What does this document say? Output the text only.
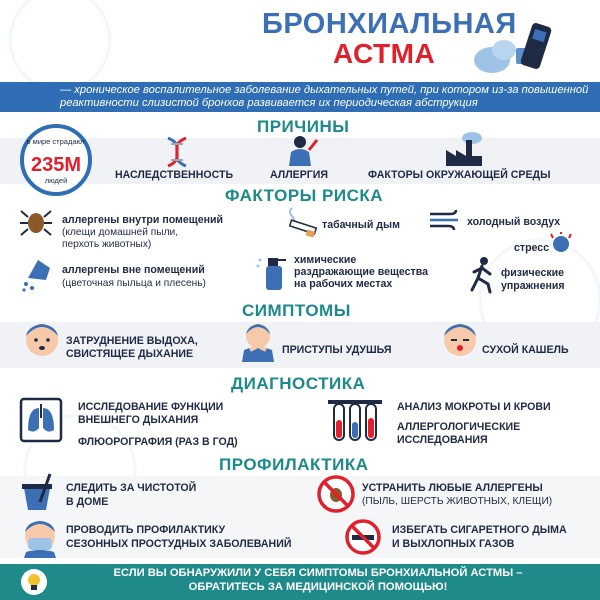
БРОНХИАЛЬНАЯ
АСТМА
— хроническое воспалительное заболевание дыхательных путей, при котором из-за повышенной реактивности слизистой бронхов развивается их периодическая абструкция
ПРИЧИНЫ
в мире страдают
235М
людей	НАСЛЕДСТВЕННОСТЬ	АЛЛЕРГИЯ	ФАКТОРЫ ОКРУЖАЮЩЕЙ СРЕДЫ
ФАКТОРЫ РИСКА
аллергены внутри помещений
(клещи домашней пыли,
перхоть животных)
табачный дым	холодный воздух
стресс
аллергены вне помещений
(цветочная пыльца и плесень)
химические
раздражающие вещества
на рабочих местах
физические
упражнения
СИМПТОМЫ
ЗАТРУДНЕНИЕ ВЫДОХА,
СВИСТЯЩЕЕ ДЫХАНИЕ	ПРИСТУПЫ УДУШЬЯ	СУХОЙ КАШЕЛЬ
ДИАГНОСТИКА
ИССЛЕДОВАНИЕ ФУНКЦИИ
ВНЕШНЕГО ДЫХАНИЯ
ФЛЮОРОГРАФИЯ (РАЗ В ГОД)
АНАЛИЗ МОКРОТЫ И КРОВИ
АЛЛЕРГОЛОГИЧЕСКИЕ
ИССЛЕДОВАНИЯ
ПРОФИЛАКТИКА
СЛЕДИТЬ ЗА ЧИСТОТОЙ
В ДОМЕ
УСТРАНИТЬ ЛЮБЫЕ АЛЛЕРГЕНЫ
(ПЫЛЬ, ШЕРСТЬ ЖИВОТНЫХ, КЛЕЩИ)
ПРОВОДИТЬ ПРОФИЛАКТИКУ
СЕЗОННЫХ ПРОСТУДНЫХ ЗАБОЛЕВАНИЙ
ИЗБЕГАТЬ СИГАРЕТНОГО ДЫМА
И ВЫХЛОПНЫХ ГАЗОВ
ЕСЛИ ВЫ ОБНАРУЖИЛИ У СЕБЯ СИМПТОМЫ БРОНХИАЛЬНОЙ АСТМЫ –
ОБРАТИТЕСЬ ЗА МЕДИЦИНСКОЙ ПОМОЩЬЮ!
